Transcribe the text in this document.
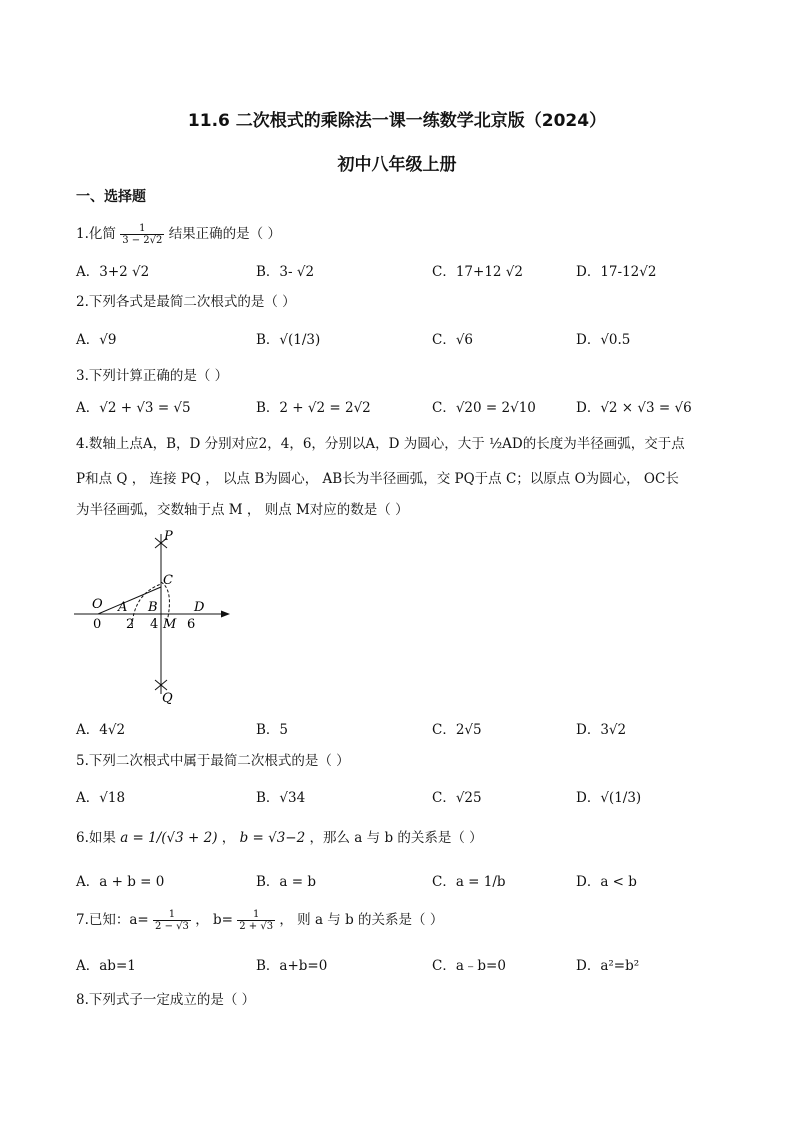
11.6 二次根式的乘除法一课一练数学北京版（2024）
初中八年级上册
一、选择题
1.化简 $\frac{1}{3 - 2√2}$ 结果正确的是（ ）
A．3+2 √2	B．3- √2	C．17+12 √2	D．17-12√2
2.下列各式是最简二次根式的是（ ）
A．√9	B．√(1/3)	C．√6	D．√0.5
3.下列计算正确的是（ ）
A．√2 + √3 = √5	B．2 + √2 = 2√2	C．√20 = 2√10	D．√2 × √3 = √6
4.数轴上点A，B，D 分别对应2，4，6，分别以A，D 为圆心，大于 ½AD的长度为半径画弧，交于点
P和点 Q ， 连接 PQ ， 以点 B为圆心， AB长为半径画弧，交 PQ于点 C；以原点 O为圆心， OC长
为半径画弧，交数轴于点 M ， 则点 M对应的数是（ ）
P
C
O A B	D
M
Q
0 2 4 6
A．4√2	B．5	C．2√5	D．3√2
5.下列二次根式中属于最简二次根式的是（ ）
A．√18	B．√34	C．√25	D．√(1/3)
6.如果 a = 1/(√3 + 2) ， b = √3−2 ，那么 a 与 b 的关系是（ ）
A．a + b = 0	B．a = b	C．a = 1/b	D．a < b
7.已知：$a= \frac{1}{2 - √3}$ ， $b= \frac{1}{2 + √3}$ ， 则 a 与 b 的关系是（ ）
A．ab=1	B．a+b=0	C．a﹣b=0	D．a²=b²
8.下列式子一定成立的是（ ）
